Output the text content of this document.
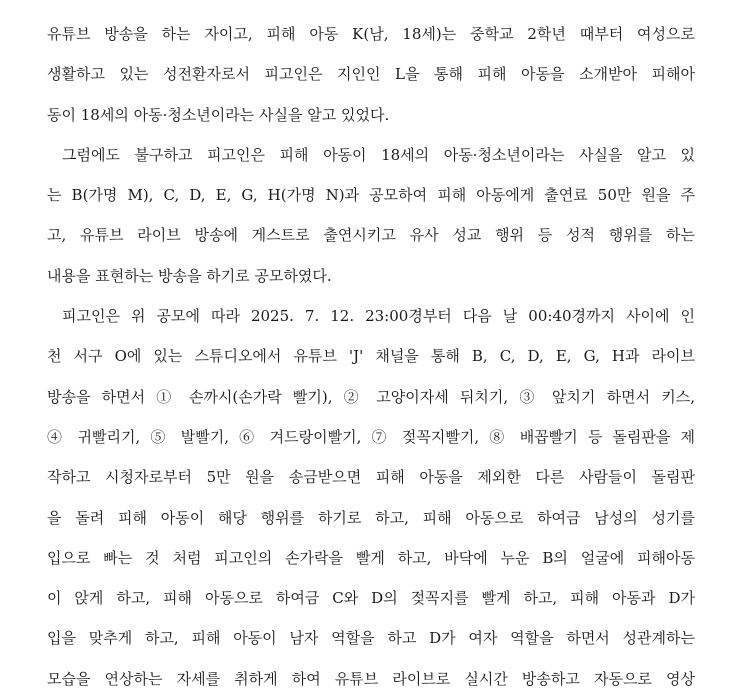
유튜브 방송을 하는 자이고, 피해 아동 K(남, 18세)는 중학교 2학년 때부터 여성으로
생활하고 있는 성전환자로서 피고인은 지인인 L을 통해 피해 아동을 소개받아 피해아
동이 18세의 아동·청소년이라는 사실을 알고 있었다.
그럼에도 불구하고 피고인은 피해 아동이 18세의 아동·청소년이라는 사실을 알고 있
는 B(가명 M), C, D, E, G, H(가명 N)과 공모하여 피해 아동에게 출연료 50만 원을 주
고, 유튜브 라이브 방송에 게스트로 출연시키고 유사 성교 행위 등 성적 행위를 하는
내용을 표현하는 방송을 하기로 공모하였다.
피고인은 위 공모에 따라 2025. 7. 12. 23:00경부터 다음 날 00:40경까지 사이에 인
천 서구 O에 있는 스튜디오에서 유튜브 'J' 채널을 통해 B, C, D, E, G, H과 라이브
방송을 하면서 ① 손까시(손가락 빨기), ② 고양이자세 뒤치기, ③ 앞치기 하면서 키스,
④ 귀빨리기, ⑤ 발빨기, ⑥ 겨드랑이빨기, ⑦ 젖꼭지빨기, ⑧ 배꼽빨기 등 돌림판을 제
작하고 시청자로부터 5만 원을 송금받으면 피해 아동을 제외한 다른 사람들이 돌림판
을 돌려 피해 아동이 해당 행위를 하기로 하고, 피해 아동으로 하여금 남성의 성기를
입으로 빠는 것 처럼 피고인의 손가락을 빨게 하고, 바닥에 누운 B의 얼굴에 피해아동
이 앉게 하고, 피해 아동으로 하여금 C와 D의 젖꼭지를 빨게 하고, 피해 아동과 D가
입을 맞추게 하고, 피해 아동이 남자 역할을 하고 D가 여자 역할을 하면서 성관계하는
모습을 연상하는 자세를 취하게 하여 유튜브 라이브로 실시간 방송하고 자동으로 영상
